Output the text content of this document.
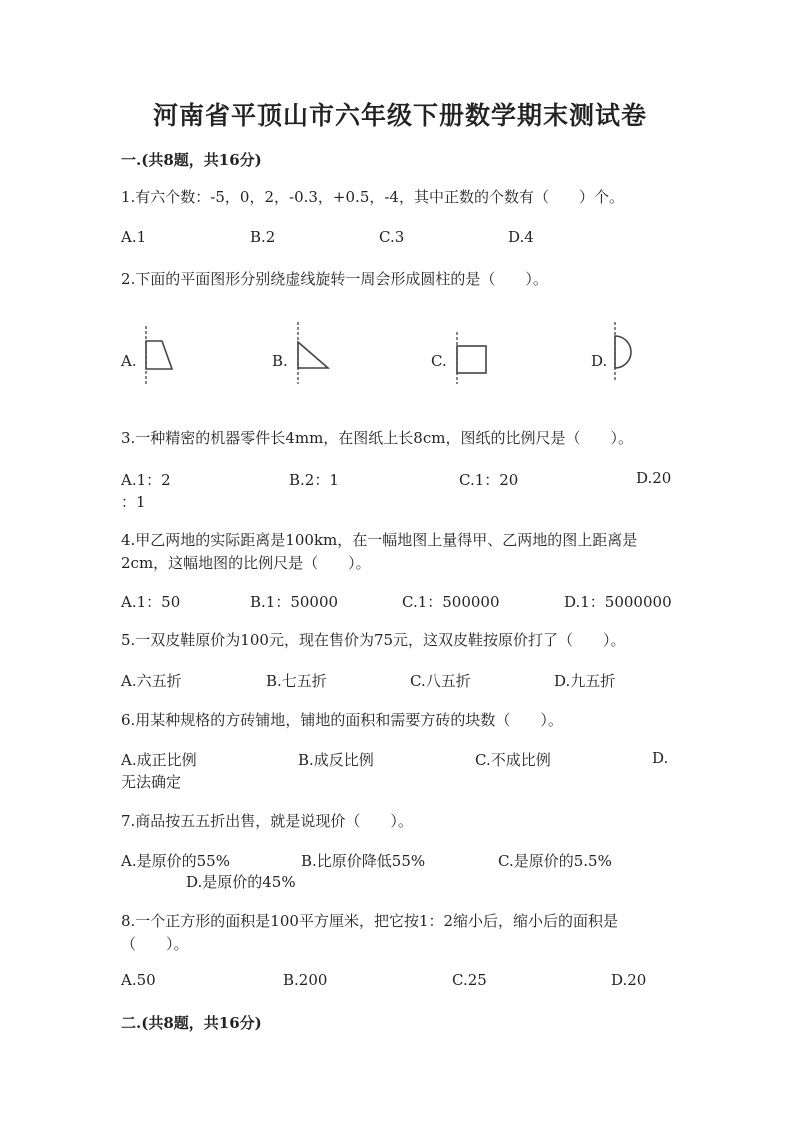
河南省平顶山市六年级下册数学期末测试卷
一.(共8题，共16分)
1.有六个数：-5，0，2，-0.3，+0.5，-4，其中正数的个数有（　　）个。
A.1	B.2	C.3	D.4
2.下面的平面图形分别绕虚线旋转一周会形成圆柱的是（　　）。
A.	B.	C.	D.
3.一种精密的机器零件长4mm，在图纸上长8cm，图纸的比例尺是（　　）。
A.1：2	B.2：1	C.1：20	D.20
：1
4.甲乙两地的实际距离是100km，在一幅地图上量得甲、乙两地的图上距离是2cm，这幅地图的比例尺是（　　）。
A.1：50	B.1：50000	C.1：500000	D.1：5000000
5.一双皮鞋原价为100元，现在售价为75元，这双皮鞋按原价打了（　　）。
A.六五折	B.七五折	C.八五折	D.九五折
6.用某种规格的方砖铺地，铺地的面积和需要方砖的块数（　　）。
A.成正比例	B.成反比例	C.不成比例	D.
无法确定
7.商品按五五折出售，就是说现价（　　）。
A.是原价的55%	B.比原价降低55%	C.是原价的5.5%
D.是原价的45%
8.一个正方形的面积是100平方厘米，把它按1：2缩小后，缩小后的面积是（　　）。
A.50	B.200	C.25	D.20
二.(共8题，共16分)
